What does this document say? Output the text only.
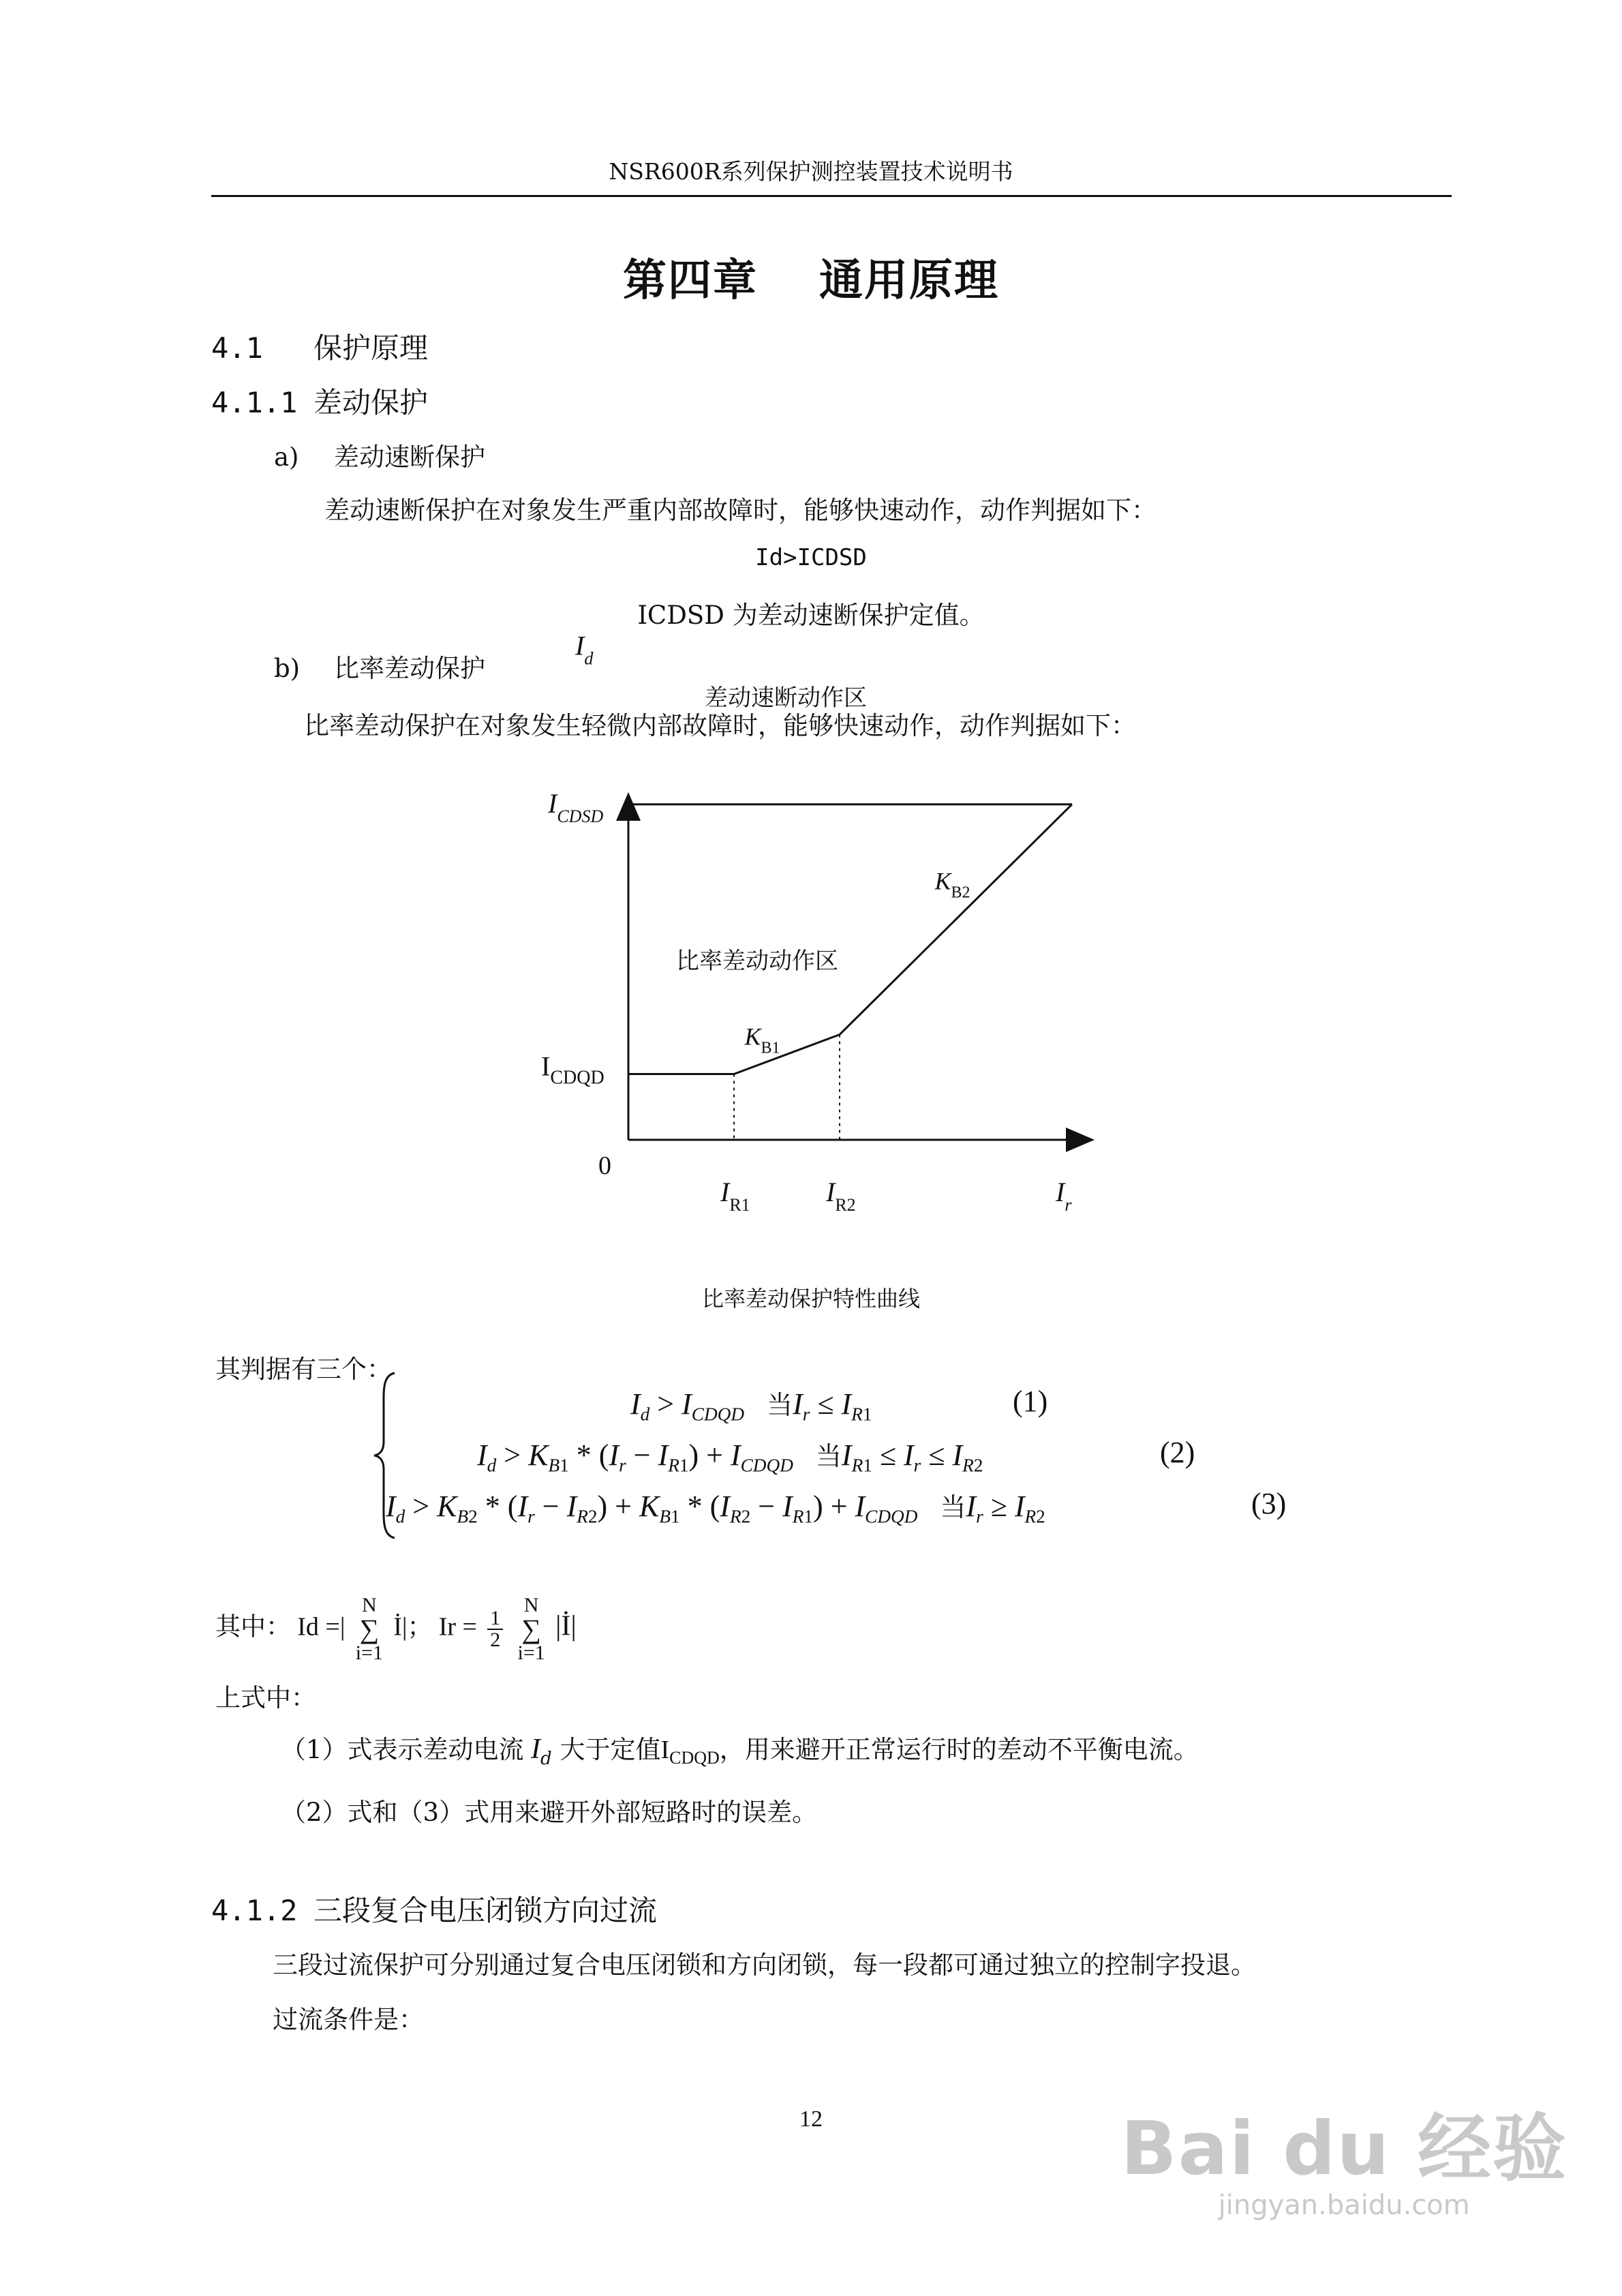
NSR600R系列保护测控装置技术说明书
第四章 通用原理
4.1 保护原理
4.1.1 差动保护
a) 差动速断保护
差动速断保护在对象发生严重内部故障时，能够快速动作，动作判据如下：
Id>ICDSD
ICDSD 为差动速断保护定值。
b) 比率差动保护
比率差动保护在对象发生轻微内部故障时，能够快速动作，动作判据如下：
$I_d$
$I_{CDSD}$
$I_{CDQD}$
0
$I_{R1}$	$I_{R2}$	$I_r$
$K_{B1}$
$K_{B2}$
差动速断动作区
比率差动动作区
比率差动保护特性曲线
其判据有三个：
$I_d > I_{CDQD}$ 当$I_r \le I_{R1}$	(1)
$I_d > K_{B1} * (I_r - I_{R1}) + I_{CDQD}$ 当$I_{R1} \le I_r \le I_{R2}$	(2)
$I_d > K_{B2} * (I_r - I_{R2}) + K_{B1} * (I_{R2} - I_{R1}) + I_{CDQD}$ 当$I_r \ge I_{R2}$	(3)
其中： Id =|
N
∑
i=1
İ|； $Ir = \frac{1}{2}$

N
∑
i=1
|İ|
上式中：
（1）式表示差动电流 $I_d$ 大于定值$I_{CDQD}$，用来避开正常运行时的差动不平衡电流。
（2）式和（3）式用来避开外部短路时的误差。
4.1.2 三段复合电压闭锁方向过流
三段过流保护可分别通过复合电压闭锁和方向闭锁，每一段都可通过独立的控制字投退。
过流条件是：
12	Bai du 经验
jingyan.baidu.com
